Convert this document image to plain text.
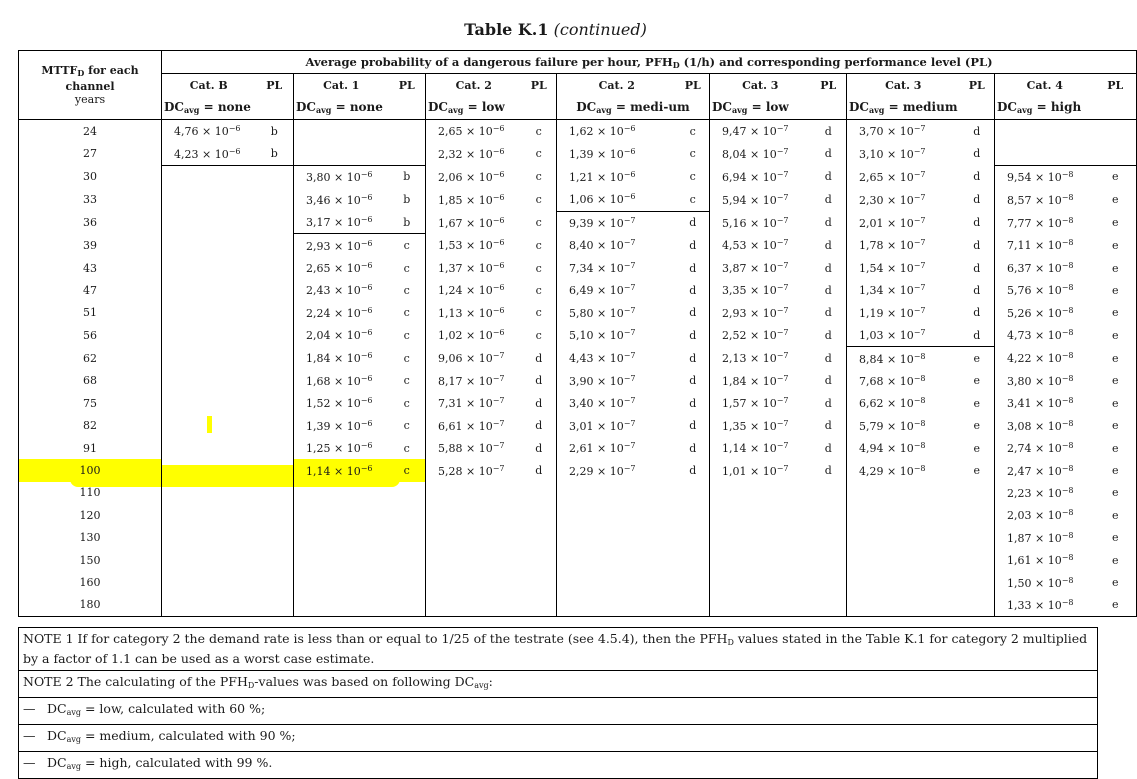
Table K.1 (continued)
$MTTF_D$ for each
channel
years	Average probability of a dangerous failure per hour, $PFH_D$ (1/h) and corresponding performance level (PL)													
	Cat. B	PL	Cat. 1	PL	Cat. 2	PL	Cat. 2	PL	Cat. 3	PL	Cat. 3	PL	Cat. 4	PL
	$DC_{avg}$ = none		$DC_{avg}$ = none		$DC_{avg}$ = low		$DC_{avg}$ = medi-um		$DC_{avg}$ = low		$DC_{avg}$ = medium		$DC_{avg}$ = high	
24	$4,76 \times 10^{-6}$	b			$2,65 \times 10^{-6}$	c	$1,62 \times 10^{-6}$	c	$9,47 \times 10^{-7}$	d	$3,70 \times 10^{-7}$	d		
27	$4,23 \times 10^{-6}$	b			$2,32 \times 10^{-6}$	c	$1,39 \times 10^{-6}$	c	$8,04 \times 10^{-7}$	d	$3,10 \times 10^{-7}$	d		
30			$3,80 \times 10^{-6}$	b	$2,06 \times 10^{-6}$	c	$1,21 \times 10^{-6}$	c	$6,94 \times 10^{-7}$	d	$2,65 \times 10^{-7}$	d	$9,54 \times 10^{-8}$	e
33			$3,46 \times 10^{-6}$	b	$1,85 \times 10^{-6}$	c	$1,06 \times 10^{-6}$	c	$5,94 \times 10^{-7}$	d	$2,30 \times 10^{-7}$	d	$8,57 \times 10^{-8}$	e
36			$3,17 \times 10^{-6}$	b	$1,67 \times 10^{-6}$	c	$9,39 \times 10^{-7}$	d	$5,16 \times 10^{-7}$	d	$2,01 \times 10^{-7}$	d	$7,77 \times 10^{-8}$	e
39			$2,93 \times 10^{-6}$	c	$1,53 \times 10^{-6}$	c	$8,40 \times 10^{-7}$	d	$4,53 \times 10^{-7}$	d	$1,78 \times 10^{-7}$	d	$7,11 \times 10^{-8}$	e
43			$2,65 \times 10^{-6}$	c	$1,37 \times 10^{-6}$	c	$7,34 \times 10^{-7}$	d	$3,87 \times 10^{-7}$	d	$1,54 \times 10^{-7}$	d	$6,37 \times 10^{-8}$	e
47			$2,43 \times 10^{-6}$	c	$1,24 \times 10^{-6}$	c	$6,49 \times 10^{-7}$	d	$3,35 \times 10^{-7}$	d	$1,34 \times 10^{-7}$	d	$5,76 \times 10^{-8}$	e
51			$2,24 \times 10^{-6}$	c	$1,13 \times 10^{-6}$	c	$5,80 \times 10^{-7}$	d	$2,93 \times 10^{-7}$	d	$1,19 \times 10^{-7}$	d	$5,26 \times 10^{-8}$	e
56			$2,04 \times 10^{-6}$	c	$1,02 \times 10^{-6}$	c	$5,10 \times 10^{-7}$	d	$2,52 \times 10^{-7}$	d	$1,03 \times 10^{-7}$	d	$4,73 \times 10^{-8}$	e
62			$1,84 \times 10^{-6}$	c	$9,06 \times 10^{-7}$	d	$4,43 \times 10^{-7}$	d	$2,13 \times 10^{-7}$	d	$8,84 \times 10^{-8}$	e	$4,22 \times 10^{-8}$	e
68			$1,68 \times 10^{-6}$	c	$8,17 \times 10^{-7}$	d	$3,90 \times 10^{-7}$	d	$1,84 \times 10^{-7}$	d	$7,68 \times 10^{-8}$	e	$3,80 \times 10^{-8}$	e
75			$1,52 \times 10^{-6}$	c	$7,31 \times 10^{-7}$	d	$3,40 \times 10^{-7}$	d	$1,57 \times 10^{-7}$	d	$6,62 \times 10^{-8}$	e	$3,41 \times 10^{-8}$	e
82			$1,39 \times 10^{-6}$	c	$6,61 \times 10^{-7}$	d	$3,01 \times 10^{-7}$	d	$1,35 \times 10^{-7}$	d	$5,79 \times 10^{-8}$	e	$3,08 \times 10^{-8}$	e
91			$1,25 \times 10^{-6}$	c	$5,88 \times 10^{-7}$	d	$2,61 \times 10^{-7}$	d	$1,14 \times 10^{-7}$	d	$4,94 \times 10^{-8}$	e	$2,74 \times 10^{-8}$	e
100			$1,14 \times 10^{-6}$	c	$5,28 \times 10^{-7}$	d	$2,29 \times 10^{-7}$	d	$1,01 \times 10^{-7}$	d	$4,29 \times 10^{-8}$	e	$2,47 \times 10^{-8}$	e
110													$2,23 \times 10^{-8}$	e
120													$2,03 \times 10^{-8}$	e
130													$1,87 \times 10^{-8}$	e
150													$1,61 \times 10^{-8}$	e
160													$1,50 \times 10^{-8}$	e
180													$1,33 \times 10^{-8}$	e
NOTE 1 If for category 2 the demand rate is less than or equal to 1/25 of the testrate (see 4.5.4), then the $PFH_D$ values stated in the Table K.1 for category 2 multiplied by a factor of 1.1 can be used as a worst case estimate.
NOTE 2 The calculating of the $PFH_D$-values was based on following $DC_{avg}$:
— $DC_{avg}$ = low, calculated with 60 %;
— $DC_{avg}$ = medium, calculated with 90 %;
— $DC_{avg}$ = high, calculated with 99 %.
